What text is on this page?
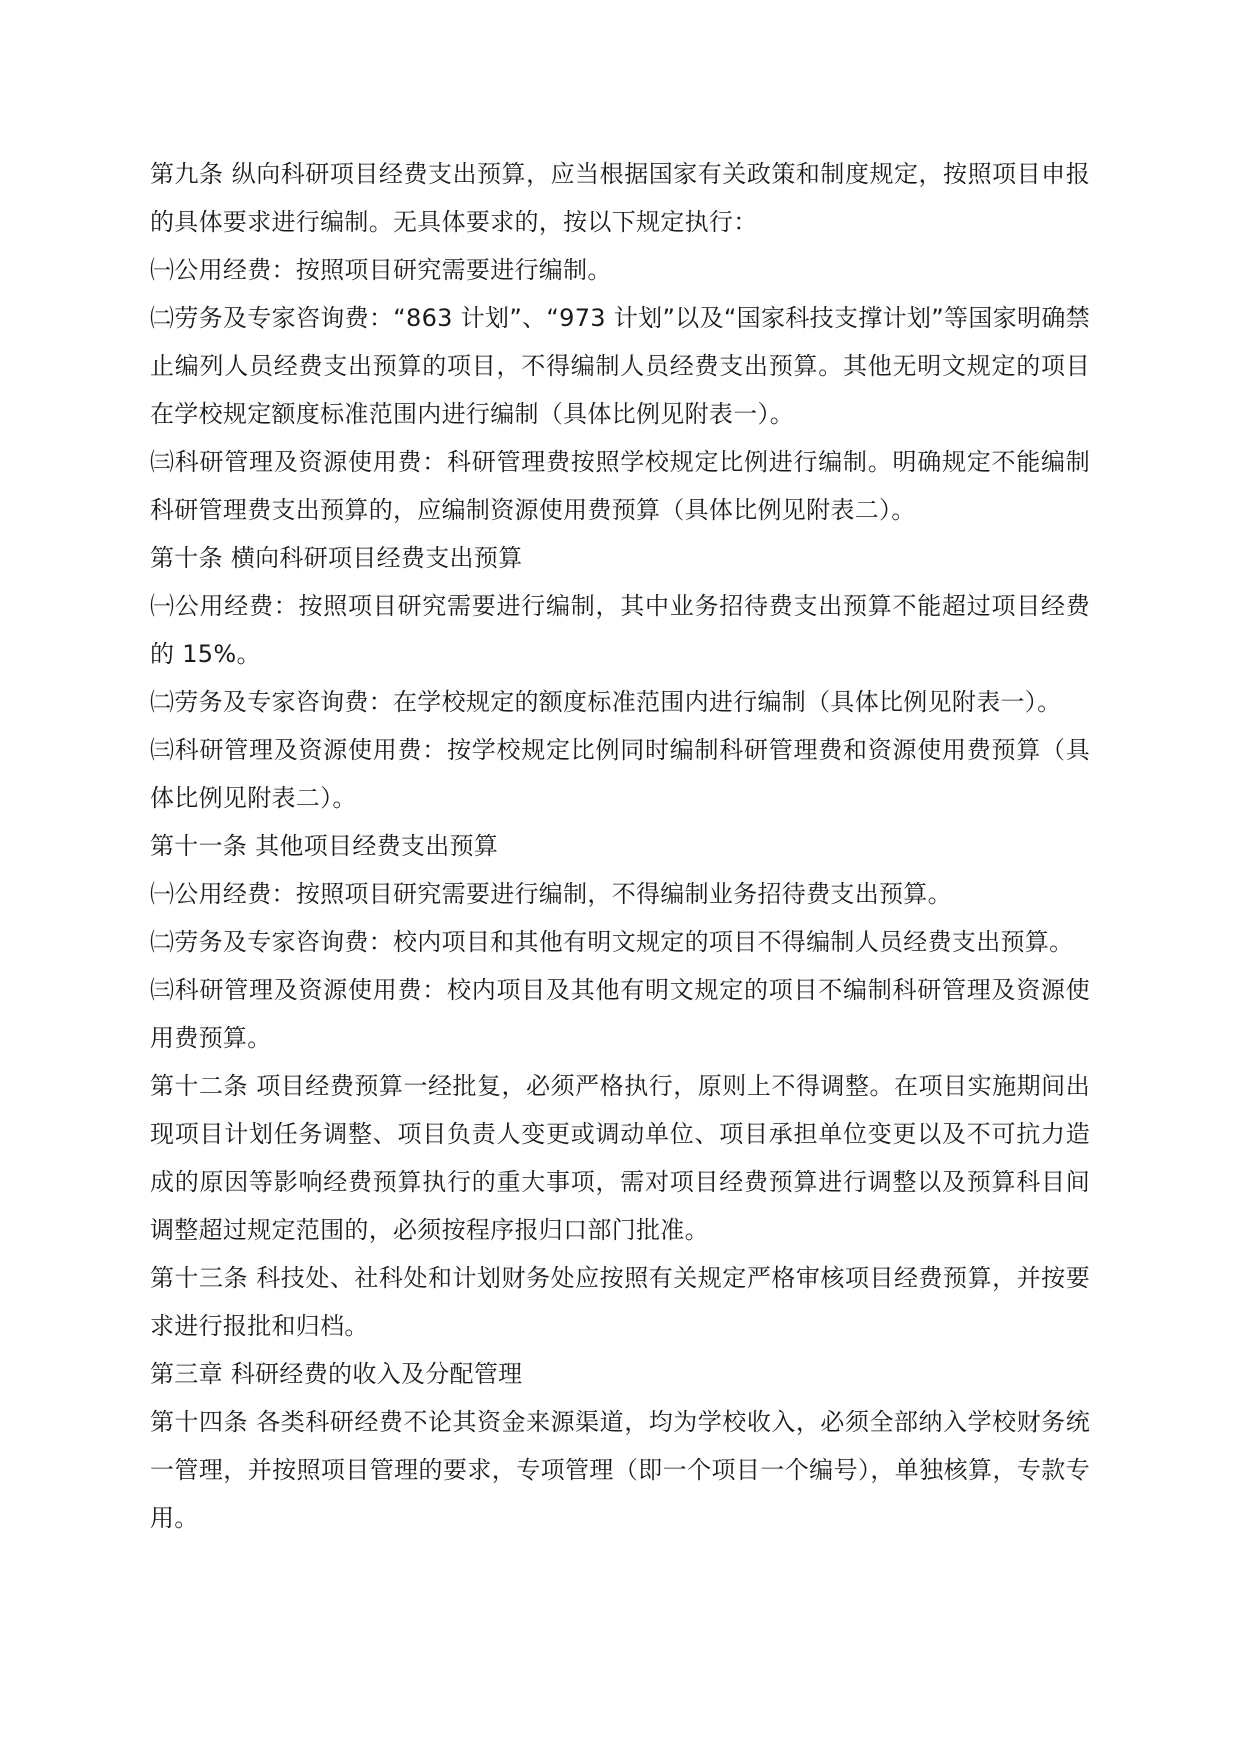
第九条 纵向科研项目经费支出预算，应当根据国家有关政策和制度规定，按照项目申报的具体要求进行编制。无具体要求的，按以下规定执行：

㈠公用经费：按照项目研究需要进行编制。

㈡劳务及专家咨询费：“863 计划”、“973 计划”以及“国家科技支撑计划”等国家明确禁止编列人员经费支出预算的项目，不得编制人员经费支出预算。其他无明文规定的项目在学校规定额度标准范围内进行编制（具体比例见附表一）。

㈢科研管理及资源使用费：科研管理费按照学校规定比例进行编制。明确规定不能编制科研管理费支出预算的，应编制资源使用费预算（具体比例见附表二）。

第十条 横向科研项目经费支出预算

㈠公用经费：按照项目研究需要进行编制，其中业务招待费支出预算不能超过项目经费的 15%。

㈡劳务及专家咨询费：在学校规定的额度标准范围内进行编制（具体比例见附表一）。

㈢科研管理及资源使用费：按学校规定比例同时编制科研管理费和资源使用费预算（具体比例见附表二）。

第十一条 其他项目经费支出预算

㈠公用经费：按照项目研究需要进行编制，不得编制业务招待费支出预算。

㈡劳务及专家咨询费：校内项目和其他有明文规定的项目不得编制人员经费支出预算。

㈢科研管理及资源使用费：校内项目及其他有明文规定的项目不编制科研管理及资源使用费预算。

第十二条 项目经费预算一经批复，必须严格执行，原则上不得调整。在项目实施期间出现项目计划任务调整、项目负责人变更或调动单位、项目承担单位变更以及不可抗力造成的原因等影响经费预算执行的重大事项，需对项目经费预算进行调整以及预算科目间调整超过规定范围的，必须按程序报归口部门批准。

第十三条 科技处、社科处和计划财务处应按照有关规定严格审核项目经费预算，并按要求进行报批和归档。

第三章 科研经费的收入及分配管理

第十四条 各类科研经费不论其资金来源渠道，均为学校收入，必须全部纳入学校财务统一管理，并按照项目管理的要求，专项管理（即一个项目一个编号），单独核算，专款专用。
